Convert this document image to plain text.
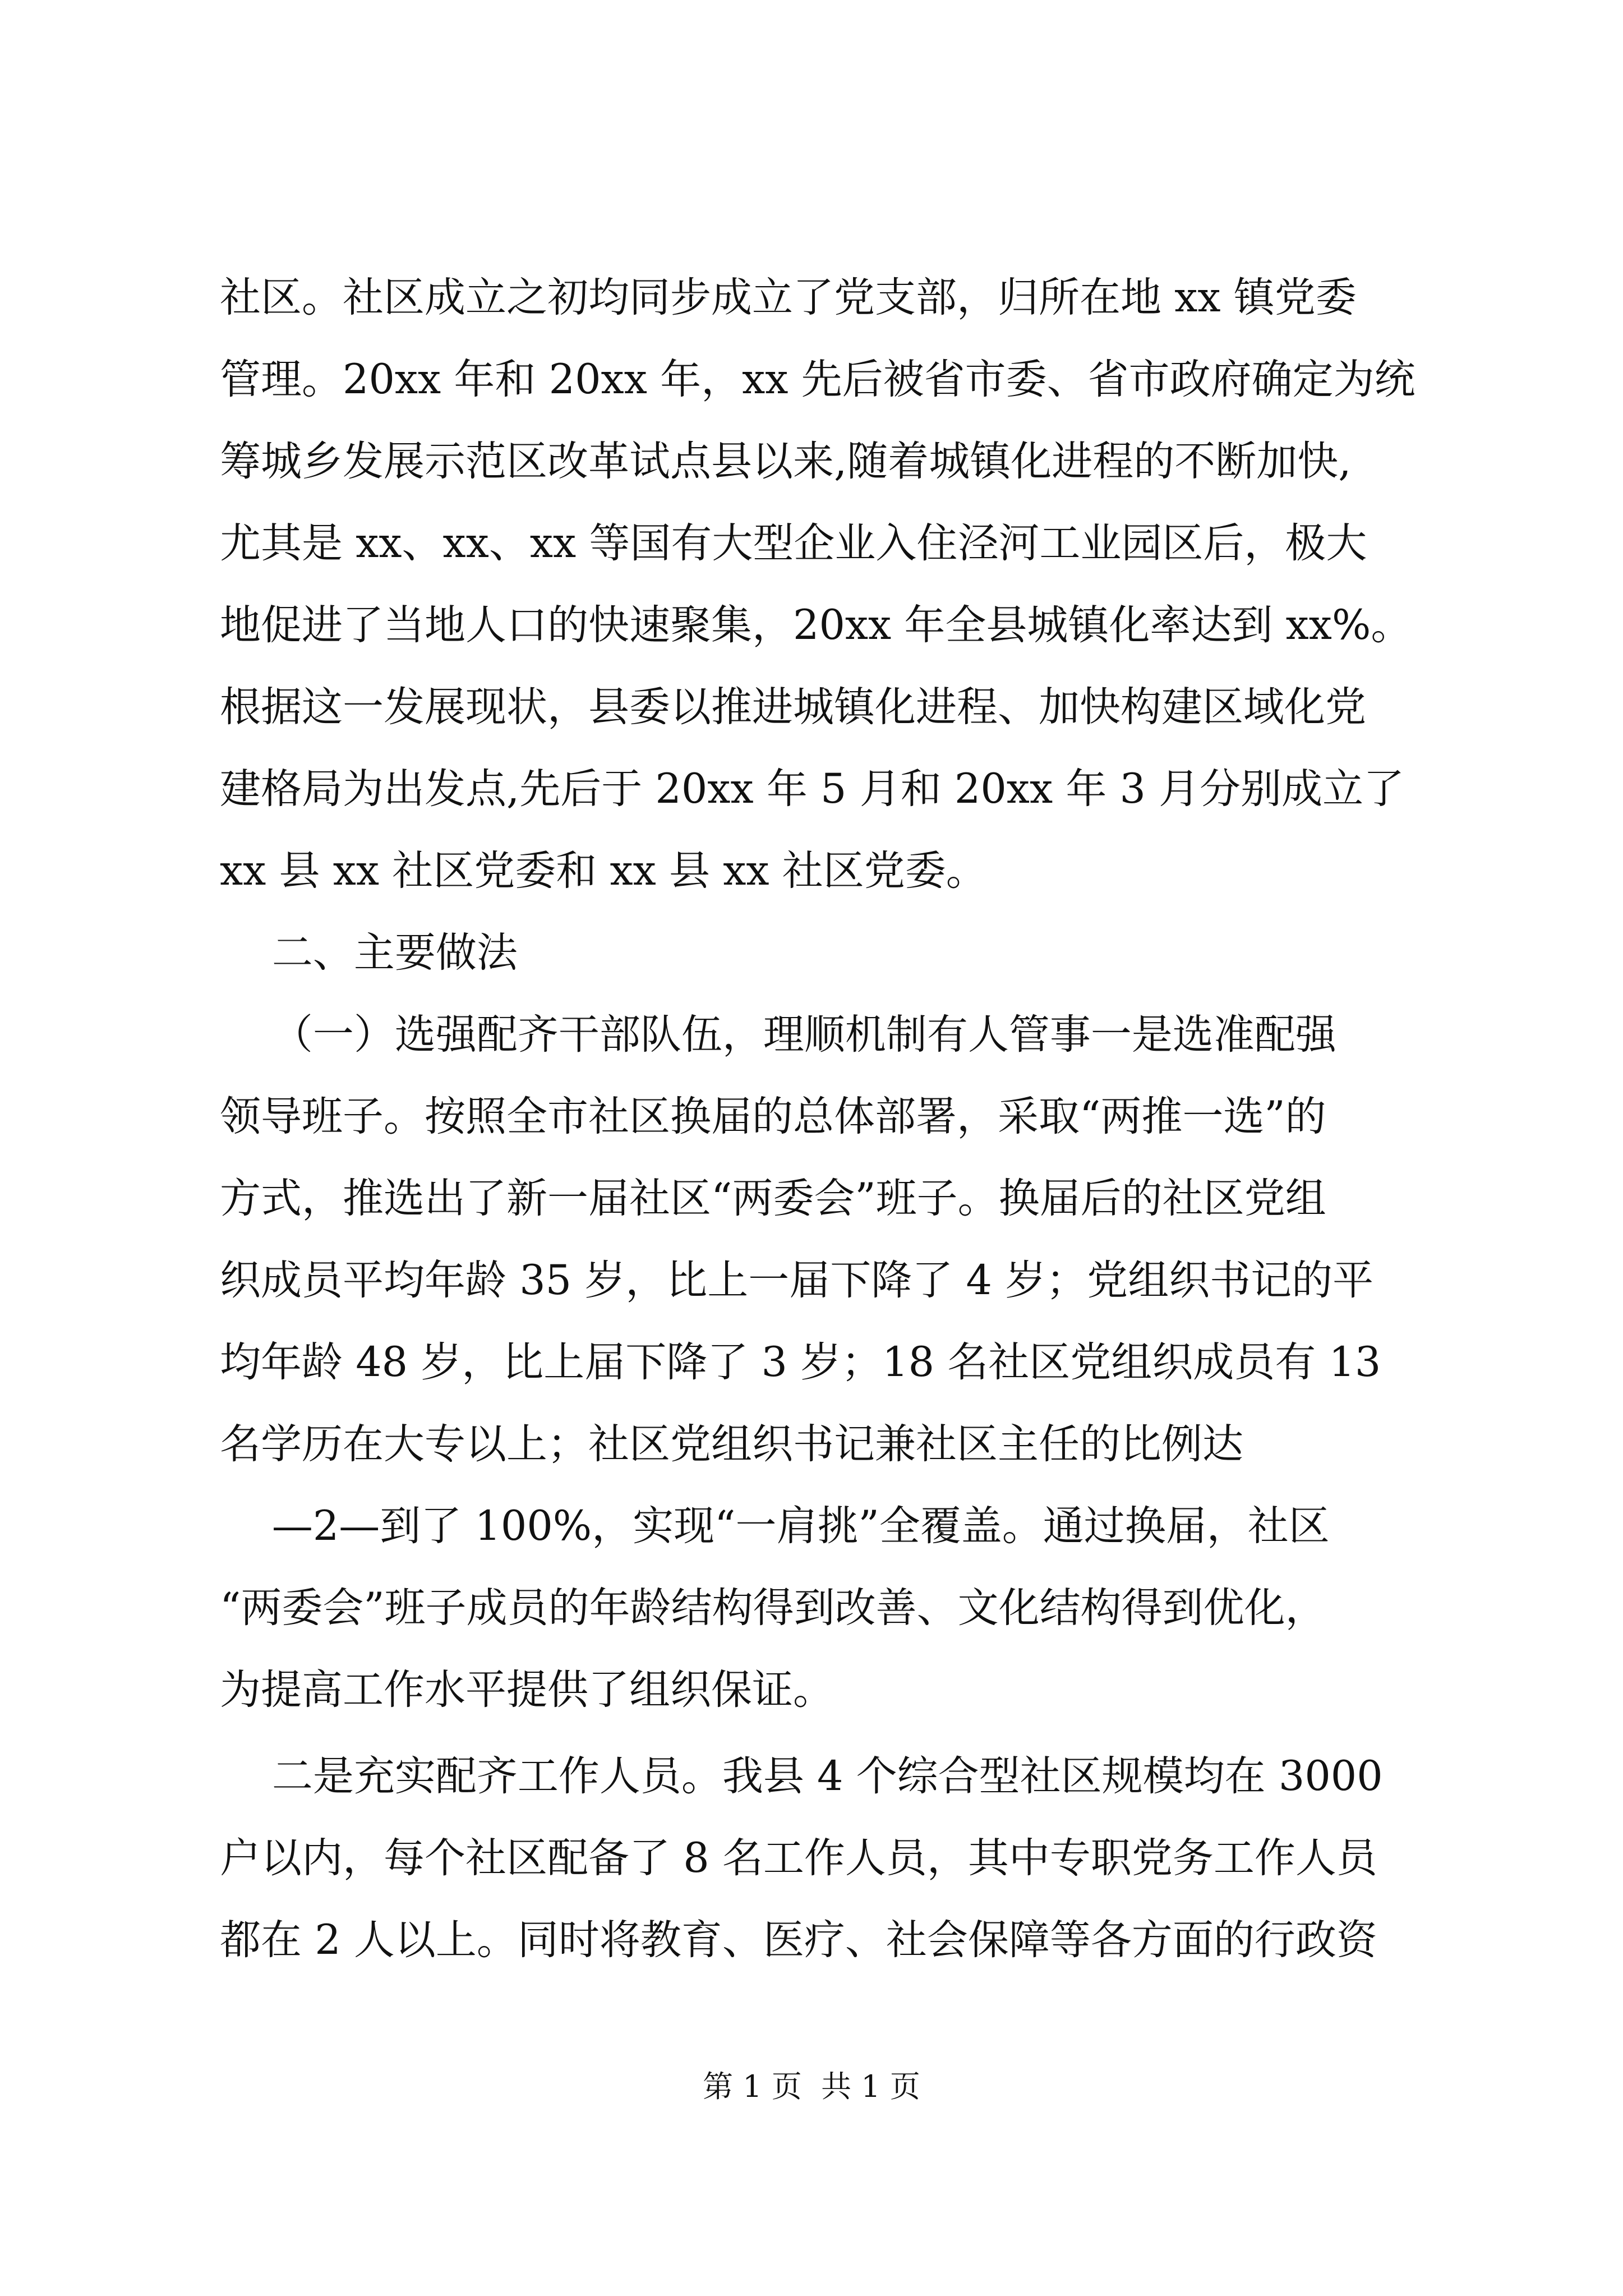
社区。社区成立之初均同步成立了党支部，归所在地 xx 镇党委
管理。20xx 年和 20xx 年，xx 先后被省市委、省市政府确定为统
筹城乡发展示范区改革试点县以来,随着城镇化进程的不断加快,
尤其是 xx、xx、xx 等国有大型企业入住泾河工业园区后，极大
地促进了当地人口的快速聚集，20xx 年全县城镇化率达到 xx%。
根据这一发展现状，县委以推进城镇化进程、加快构建区域化党
建格局为出发点,先后于 20xx 年 5 月和 20xx 年 3 月分别成立了
xx 县 xx 社区党委和 xx 县 xx 社区党委。
二、主要做法
（一）选强配齐干部队伍，理顺机制有人管事一是选准配强
领导班子。按照全市社区换届的总体部署，采取“两推一选”的
方式，推选出了新一届社区“两委会”班子。换届后的社区党组
织成员平均年龄 35 岁，比上一届下降了 4 岁；党组织书记的平
均年龄 48 岁，比上届下降了 3 岁；18 名社区党组织成员有 13
名学历在大专以上；社区党组织书记兼社区主任的比例达
—2—到了 100%，实现“一肩挑”全覆盖。通过换届，社区
“两委会”班子成员的年龄结构得到改善、文化结构得到优化，
为提高工作水平提供了组织保证。
二是充实配齐工作人员。我县 4 个综合型社区规模均在 3000
户以内，每个社区配备了 8 名工作人员，其中专职党务工作人员
都在 2 人以上。同时将教育、医疗、社会保障等各方面的行政资
第 1 页  共 1 页
